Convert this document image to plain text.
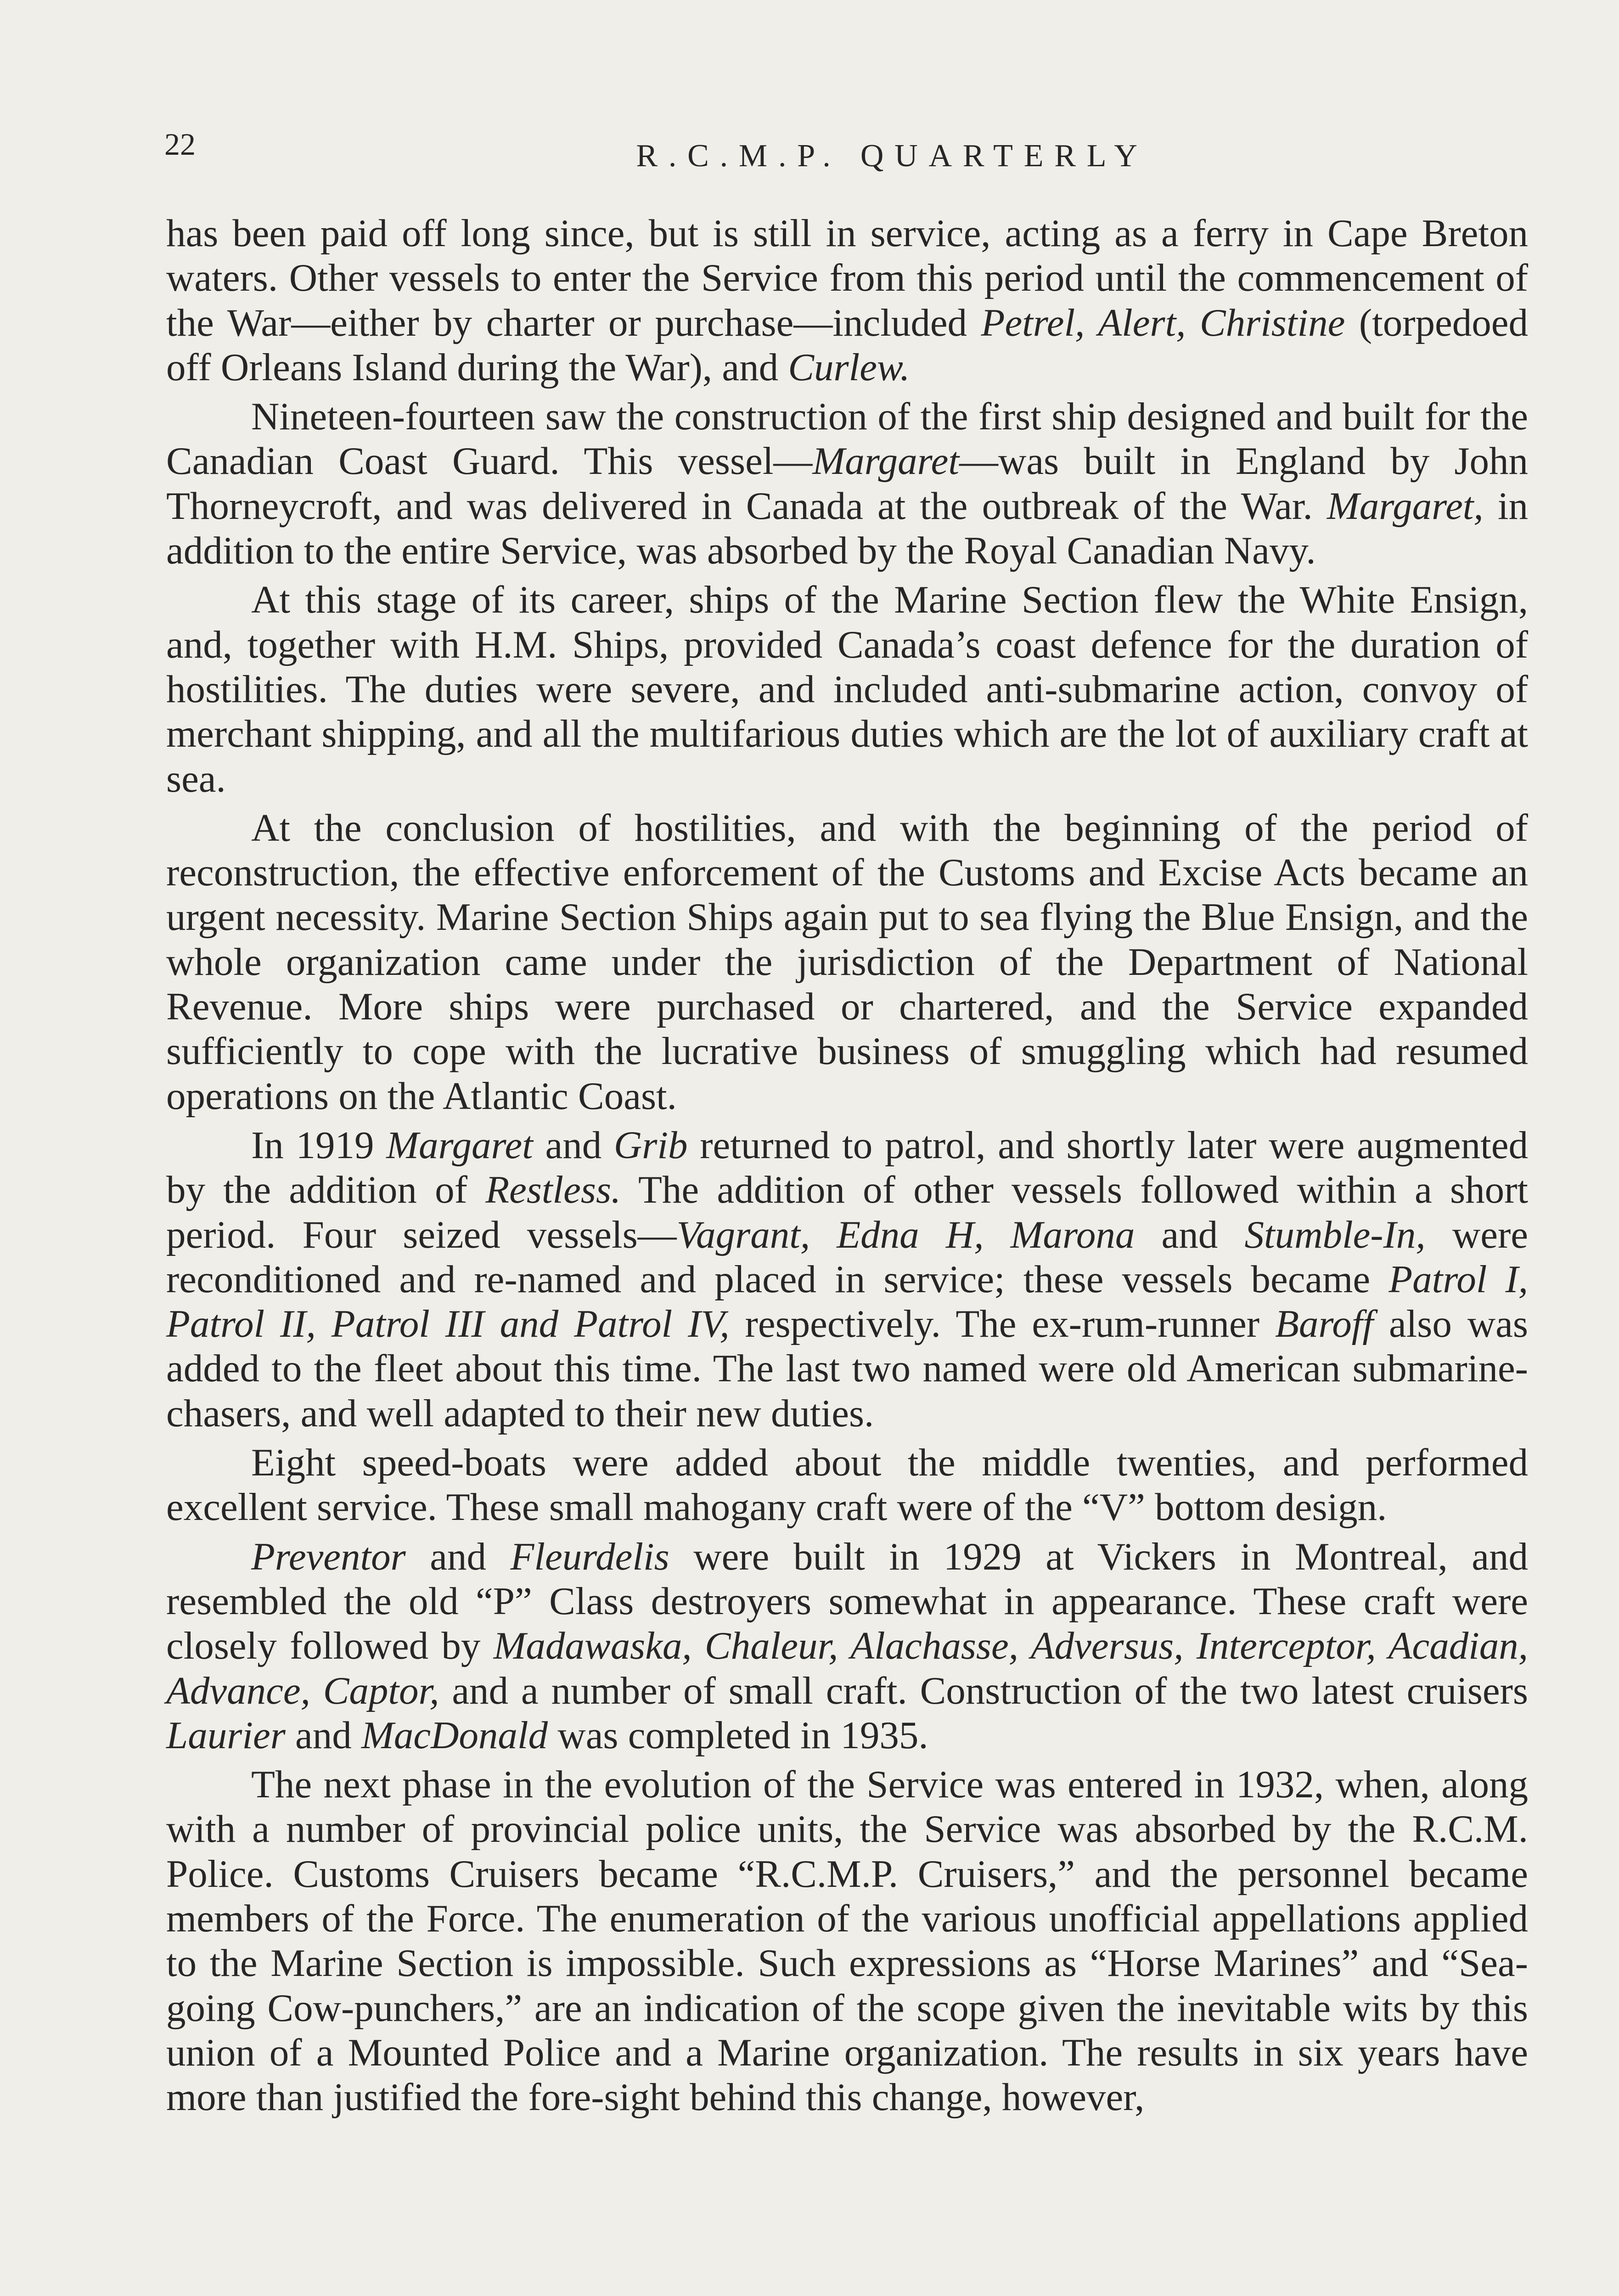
22	R.C.M.P. QUARTERLY

has been paid off long since, but is still in service, acting as a ferry in Cape Breton waters. Other vessels to enter the Service from this period until the commencement of the War—either by charter or purchase—included Petrel, Alert, Christine (torpedoed off Orleans Island during the War), and Curlew.

Nineteen-fourteen saw the construction of the first ship designed and built for the Canadian Coast Guard. This vessel—Margaret—was built in England by John Thorneycroft, and was delivered in Canada at the outbreak of the War. Margaret, in addition to the entire Service, was absorbed by the Royal Canadian Navy.

At this stage of its career, ships of the Marine Section flew the White Ensign, and, together with H.M. Ships, provided Canada’s coast defence for the duration of hostilities. The duties were severe, and included anti-submarine action, convoy of merchant shipping, and all the multifarious duties which are the lot of auxiliary craft at sea.

At the conclusion of hostilities, and with the beginning of the period of reconstruction, the effective enforcement of the Customs and Excise Acts became an urgent necessity. Marine Section Ships again put to sea flying the Blue Ensign, and the whole organization came under the jurisdiction of the Department of National Revenue. More ships were purchased or chartered, and the Service expanded sufficiently to cope with the lucrative business of smuggling which had resumed operations on the Atlantic Coast.

In 1919 Margaret and Grib returned to patrol, and shortly later were augmented by the addition of Restless. The addition of other vessels followed within a short period. Four seized vessels—Vagrant, Edna H, Marona and Stumble-In, were reconditioned and re-named and placed in service; these vessels became Patrol I, Patrol II, Patrol III and Patrol IV, respectively. The ex-rum-runner Baroff also was added to the fleet about this time. The last two named were old American submarine-chasers, and well adapted to their new duties.

Eight speed-boats were added about the middle twenties, and performed excellent service. These small mahogany craft were of the “V” bottom design.

Preventor and Fleurdelis were built in 1929 at Vickers in Montreal, and resembled the old “P” Class destroyers somewhat in appearance. These craft were closely followed by Madawaska, Chaleur, Alachasse, Adversus, Interceptor, Acadian, Advance, Captor, and a number of small craft. Construction of the two latest cruisers Laurier and MacDonald was completed in 1935.

The next phase in the evolution of the Service was entered in 1932, when, along with a number of provincial police units, the Service was absorbed by the R.C.M. Police. Customs Cruisers became “R.C.M.P. Cruisers,” and the personnel became members of the Force. The enumeration of the various unofficial appellations applied to the Marine Section is impossible. Such expressions as “Horse Marines” and “Sea-going Cow-punchers,” are an indication of the scope given the inevitable wits by this union of a Mounted Police and a Marine organization. The results in six years have more than justified the fore-sight behind this change, however,
